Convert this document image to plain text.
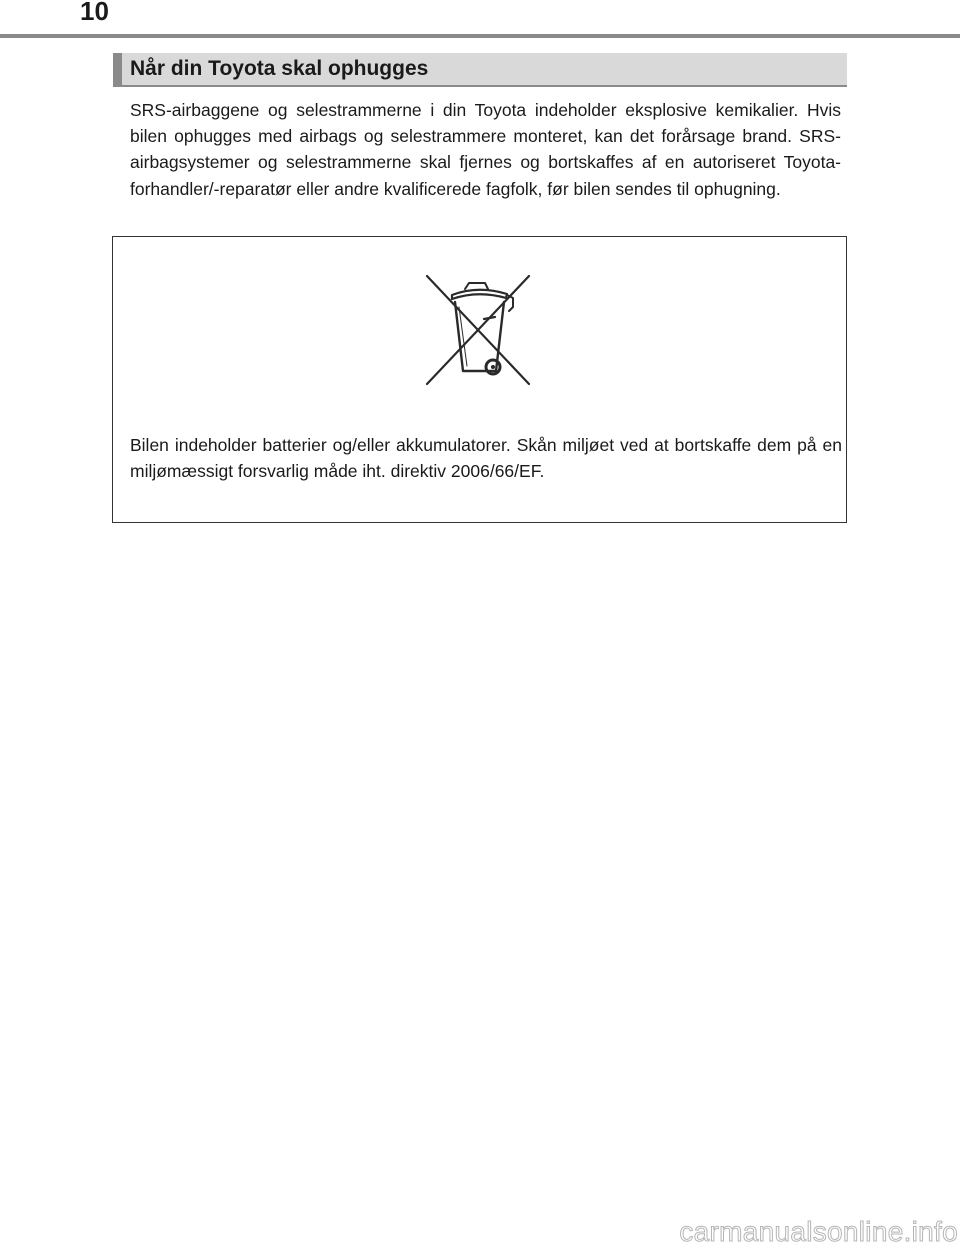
10
Når din Toyota skal ophugges

SRS-airbaggene og selestrammerne i din Toyota indeholder eksplosive kemikalier. Hvis bilen ophugges med airbags og selestrammere monteret, kan det forårsage brand. SRS-airbagsystemer og selestrammerne skal fjernes og bortskaffes af en autoriseret Toyota-forhandler/-reparatør eller andre kvalificerede fagfolk, før bilen sendes til ophugning.

Bilen indeholder batterier og/eller akkumulatorer. Skån miljøet ved at bortskaffe dem på en miljømæssigt forsvarlig måde iht. direktiv 2006/66/EF.

carmanualsonline.info
